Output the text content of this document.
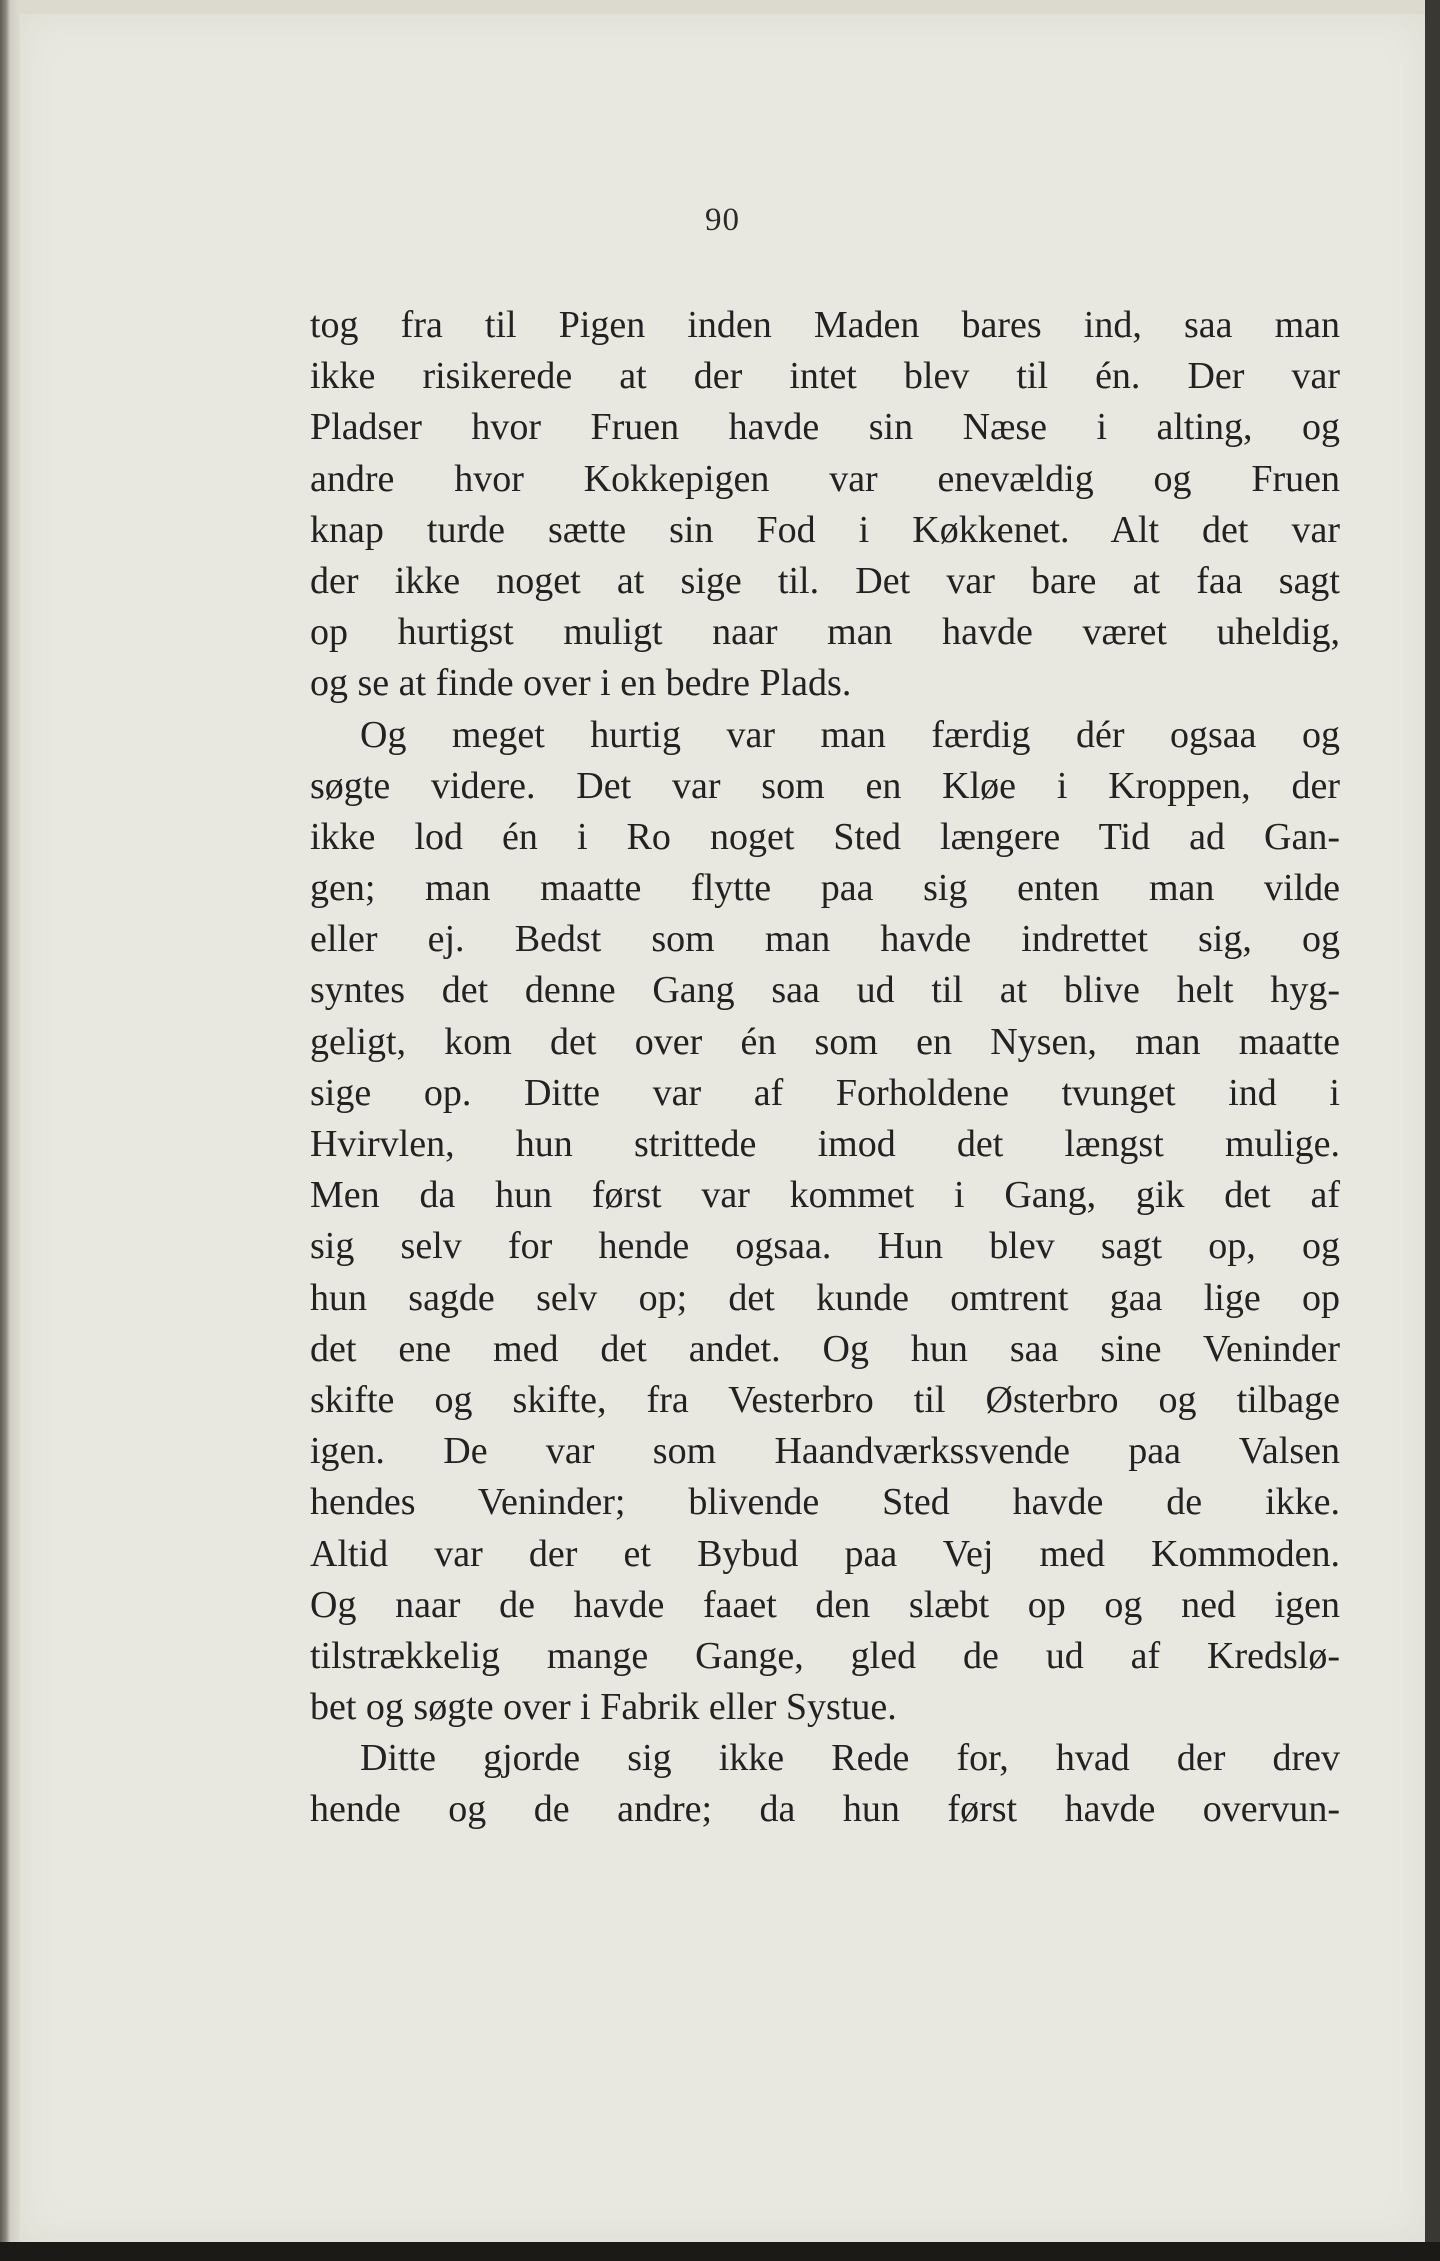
90
tog fra til Pigen inden Maden bares ind, saa man
ikke risikerede at der intet blev til én. Der var
Pladser hvor Fruen havde sin Næse i alting, og
andre hvor Kokkepigen var enevældig og Fruen
knap turde sætte sin Fod i Køkkenet. Alt det var
der ikke noget at sige til. Det var bare at faa sagt
op hurtigst muligt naar man havde været uheldig,
og se at finde over i en bedre Plads.
Og meget hurtig var man færdig dér ogsaa og
søgte videre. Det var som en Kløe i Kroppen, der
ikke lod én i Ro noget Sted længere Tid ad Gan-
gen; man maatte flytte paa sig enten man vilde
eller ej. Bedst som man havde indrettet sig, og
syntes det denne Gang saa ud til at blive helt hyg-
geligt, kom det over én som en Nysen, man maatte
sige op. Ditte var af Forholdene tvunget ind i
Hvirvlen, hun strittede imod det længst mulige.
Men da hun først var kommet i Gang, gik det af
sig selv for hende ogsaa. Hun blev sagt op, og
hun sagde selv op; det kunde omtrent gaa lige op
det ene med det andet. Og hun saa sine Veninder
skifte og skifte, fra Vesterbro til Østerbro og tilbage
igen. De var som Haandværkssvende paa Valsen
hendes Veninder; blivende Sted havde de ikke.
Altid var der et Bybud paa Vej med Kommoden.
Og naar de havde faaet den slæbt op og ned igen
tilstrækkelig mange Gange, gled de ud af Kredslø-
bet og søgte over i Fabrik eller Systue.
Ditte gjorde sig ikke Rede for, hvad der drev
hende og de andre; da hun først havde overvun-
